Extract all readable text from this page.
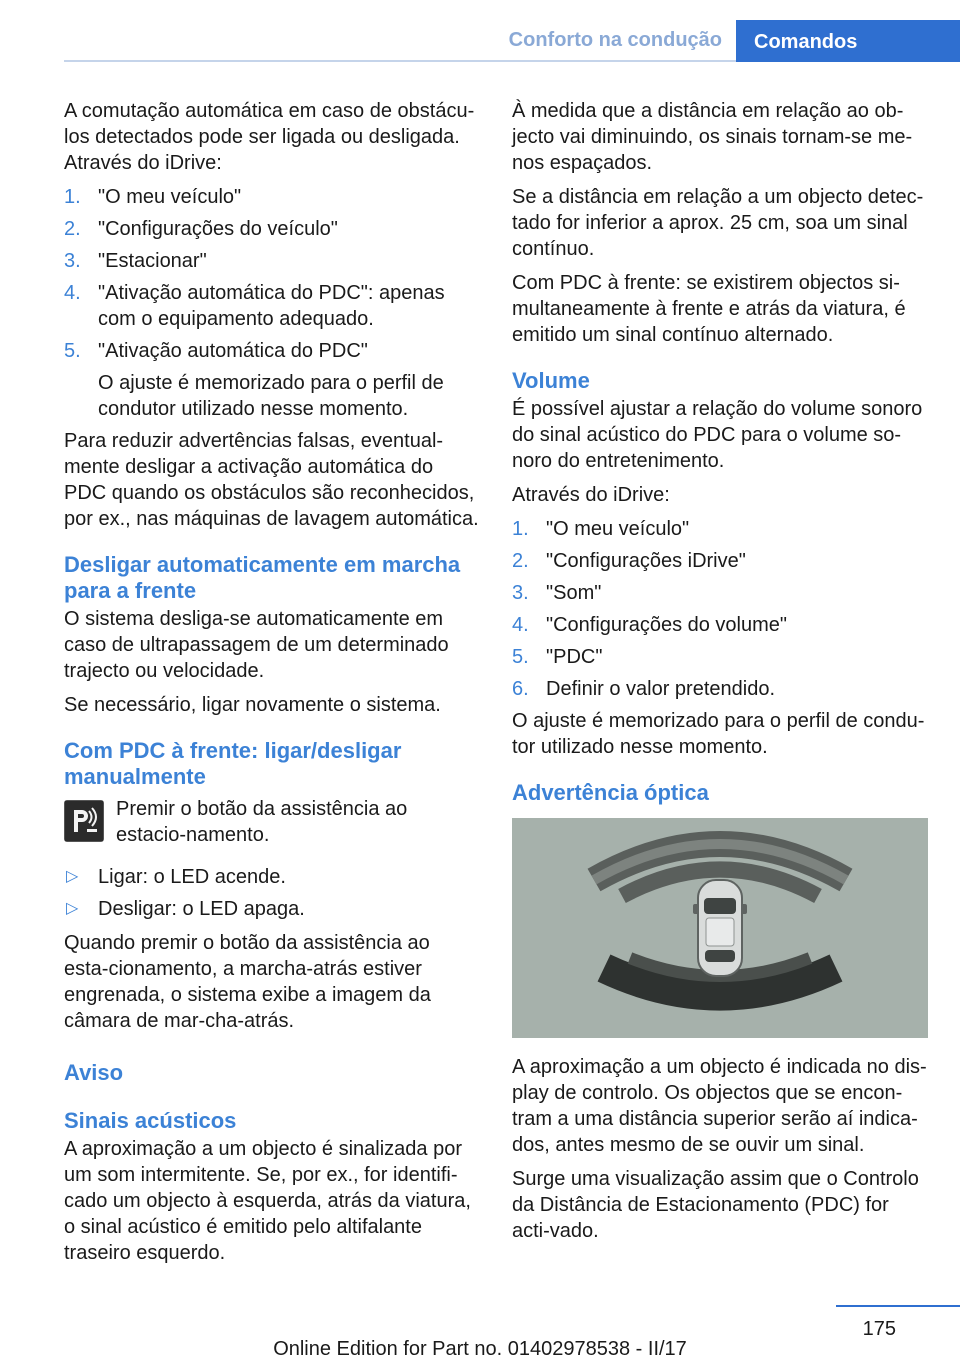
Conforto na condução	Comandos

A comutação automática em caso de obstácu-los detectados pode ser ligada ou desligada. Através do iDrive:

1. "O meu veículo"
2. "Configurações do veículo"
3. "Estacionar"
4. "Ativação automática do PDC": apenas com o equipamento adequado.
5. "Ativação automática do PDC"
O ajuste é memorizado para o perfil de condutor utilizado nesse momento.

Para reduzir advertências falsas, eventual-mente desligar a activação automática do PDC quando os obstáculos são reconhecidos, por ex., nas máquinas de lavagem automática.

Desligar automaticamente em marcha para a frente

O sistema desliga-se automaticamente em caso de ultrapassagem de um determinado trajecto ou velocidade.

Se necessário, ligar novamente o sistema.

Com PDC à frente: ligar/desligar manualmente
Premir o botão da assistência ao estacio-namento.
▷ Ligar: o LED acende.
▷ Desligar: o LED apaga.

Quando premir o botão da assistência ao esta-cionamento, a marcha-atrás estiver engrenada, o sistema exibe a imagem da câmara de mar-cha-atrás.

Aviso
Sinais acústicos

A aproximação a um objecto é sinalizada por um som intermitente. Se, por ex., for identifi-cado um objecto à esquerda, atrás da viatura, o sinal acústico é emitido pelo altifalante traseiro esquerdo.

À medida que a distância em relação ao ob-jecto vai diminuindo, os sinais tornam-se me-nos espaçados.

Se a distância em relação a um objecto detec-tado for inferior a aprox. 25 cm, soa um sinal contínuo.

Com PDC à frente: se existirem objectos si-multaneamente à frente e atrás da viatura, é emitido um sinal contínuo alternado.

Volume

É possível ajustar a relação do volume sonoro do sinal acústico do PDC para o volume so-noro do entretenimento.

Através do iDrive:

1. "O meu veículo"
2. "Configurações iDrive"
3. "Som"
4. "Configurações do volume"
5. "PDC"
6. Definir o valor pretendido.

O ajuste é memorizado para o perfil de condu-tor utilizado nesse momento.

Advertência óptica

A aproximação a um objecto é indicada no dis-play de controlo. Os objectos que se encon-tram a uma distância superior serão aí indica-dos, antes mesmo de se ouvir um sinal.

Surge uma visualização assim que o Controlo da Distância de Estacionamento (PDC) for acti-vado.

175
Online Edition for Part no. 01402978538 - II/17
